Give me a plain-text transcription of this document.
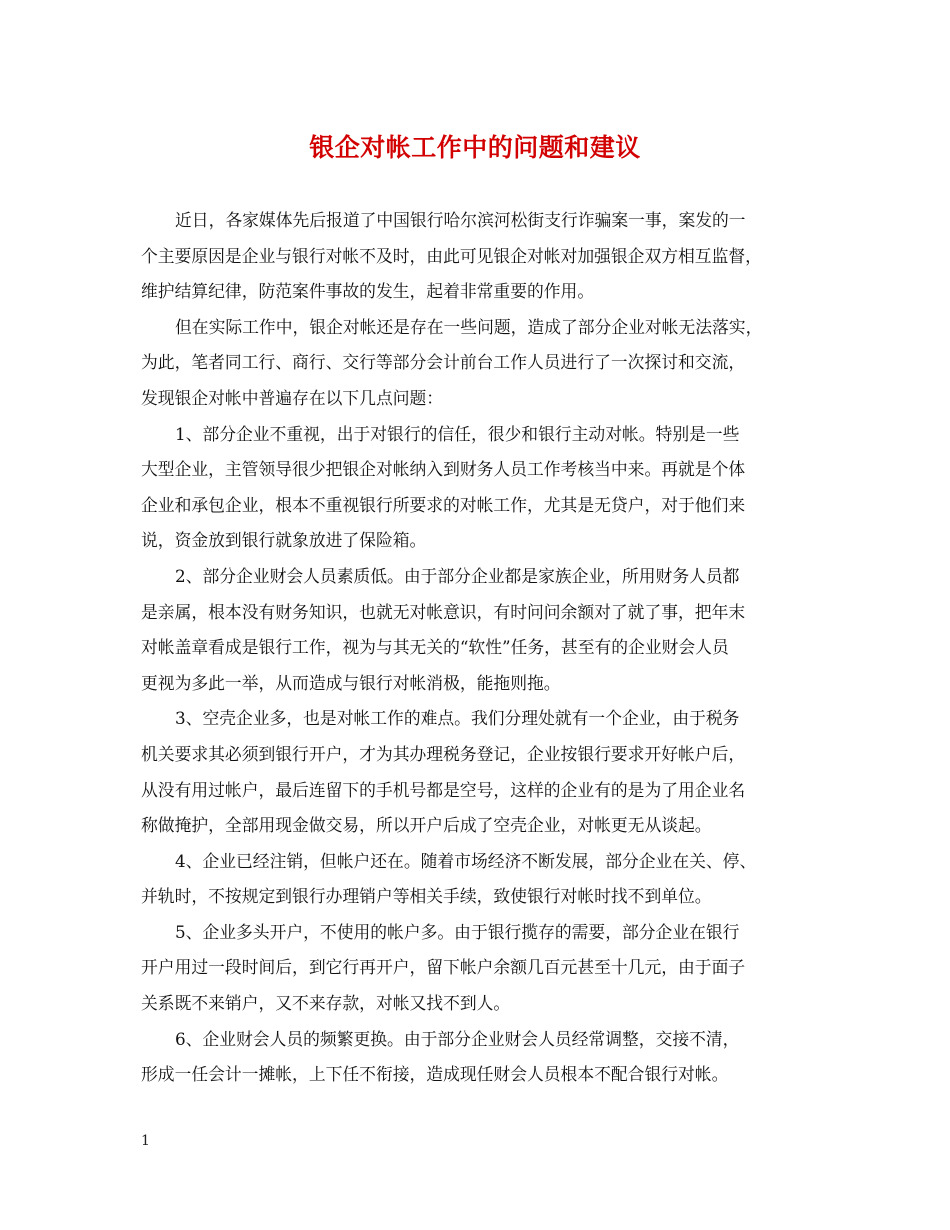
银企对帐工作中的问题和建议

近日，各家媒体先后报道了中国银行哈尔滨河松街支行诈骗案一事，案发的一
个主要原因是企业与银行对帐不及时，由此可见银企对帐对加强银企双方相互监督，
维护结算纪律，防范案件事故的发生，起着非常重要的作用。

但在实际工作中，银企对帐还是存在一些问题，造成了部分企业对帐无法落实，
为此，笔者同工行、商行、交行等部分会计前台工作人员进行了一次探讨和交流，
发现银企对帐中普遍存在以下几点问题：

1、部分企业不重视，出于对银行的信任，很少和银行主动对帐。特别是一些
大型企业，主管领导很少把银企对帐纳入到财务人员工作考核当中来。再就是个体
企业和承包企业，根本不重视银行所要求的对帐工作，尤其是无贷户，对于他们来
说，资金放到银行就象放进了保险箱。

2、部分企业财会人员素质低。由于部分企业都是家族企业，所用财务人员都
是亲属，根本没有财务知识，也就无对帐意识，有时问问余额对了就了事，把年末
对帐盖章看成是银行工作，视为与其无关的“软性”任务，甚至有的企业财会人员
更视为多此一举，从而造成与银行对帐消极，能拖则拖。

3、空壳企业多，也是对帐工作的难点。我们分理处就有一个企业，由于税务
机关要求其必须到银行开户，才为其办理税务登记，企业按银行要求开好帐户后，
从没有用过帐户，最后连留下的手机号都是空号，这样的企业有的是为了用企业名
称做掩护，全部用现金做交易，所以开户后成了空壳企业，对帐更无从谈起。

4、企业已经注销，但帐户还在。随着市场经济不断发展，部分企业在关、停、
并轨时，不按规定到银行办理销户等相关手续，致使银行对帐时找不到单位。

5、企业多头开户，不使用的帐户多。由于银行揽存的需要，部分企业在银行
开户用过一段时间后，到它行再开户，留下帐户余额几百元甚至十几元，由于面子
关系既不来销户，又不来存款，对帐又找不到人。

6、企业财会人员的频繁更换。由于部分企业财会人员经常调整，交接不清，
形成一任会计一摊帐，上下任不衔接，造成现任财会人员根本不配合银行对帐。

1
